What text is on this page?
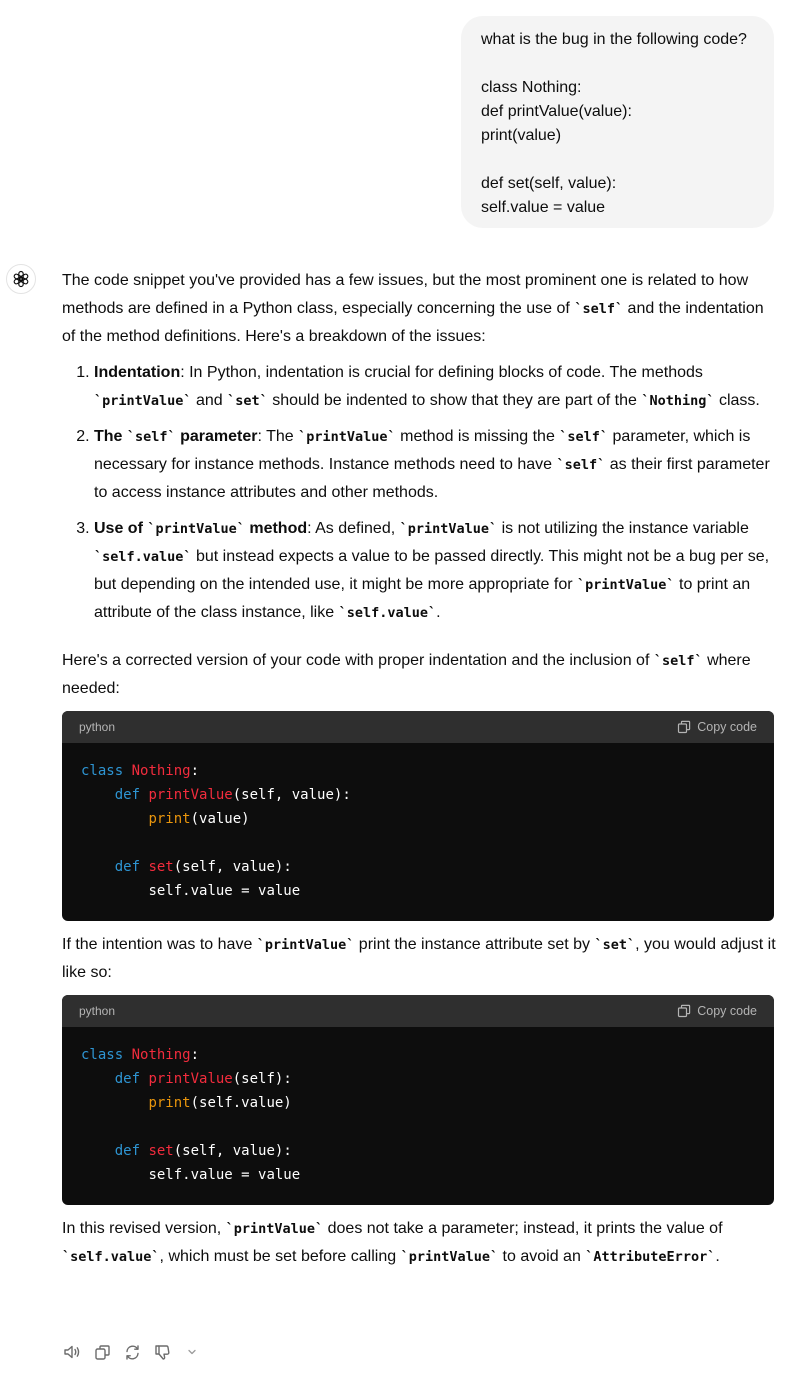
what is the bug in the following code?
class Nothing:
def printValue(value):
print(value)
def set(self, value):
self.value = value

The code snippet you've provided has a few issues, but the most prominent one is related to how methods are defined in a Python class, especially concerning the use of `self` and the indentation of the method definitions. Here's a breakdown of the issues:

1. Indentation: In Python, indentation is crucial for defining blocks of code. The methods `printValue` and `set` should be indented to show that they are part of the `Nothing` class.
2. The `self` parameter: The `printValue` method is missing the `self` parameter, which is necessary for instance methods. Instance methods need to have `self` as their first parameter to access instance attributes and other methods.
3. Use of `printValue` method: As defined, `printValue` is not utilizing the instance variable `self.value` but instead expects a value to be passed directly. This might not be a bug per se, but depending on the intended use, it might be more appropriate for `printValue` to print an attribute of the class instance, like `self.value`.

Here's a corrected version of your code with proper indentation and the inclusion of `self` where needed:

python	Copy code
class Nothing:
def printValue(self, value):
print(value)

def set(self, value):
self.value = value

If the intention was to have `printValue` print the instance attribute set by `set`, you would adjust it like so:

python	Copy code
class Nothing:
def printValue(self):
print(self.value)

def set(self, value):
self.value = value

In this revised version, `printValue` does not take a parameter; instead, it prints the value of `self.value`, which must be set before calling `printValue` to avoid an `AttributeError`.
